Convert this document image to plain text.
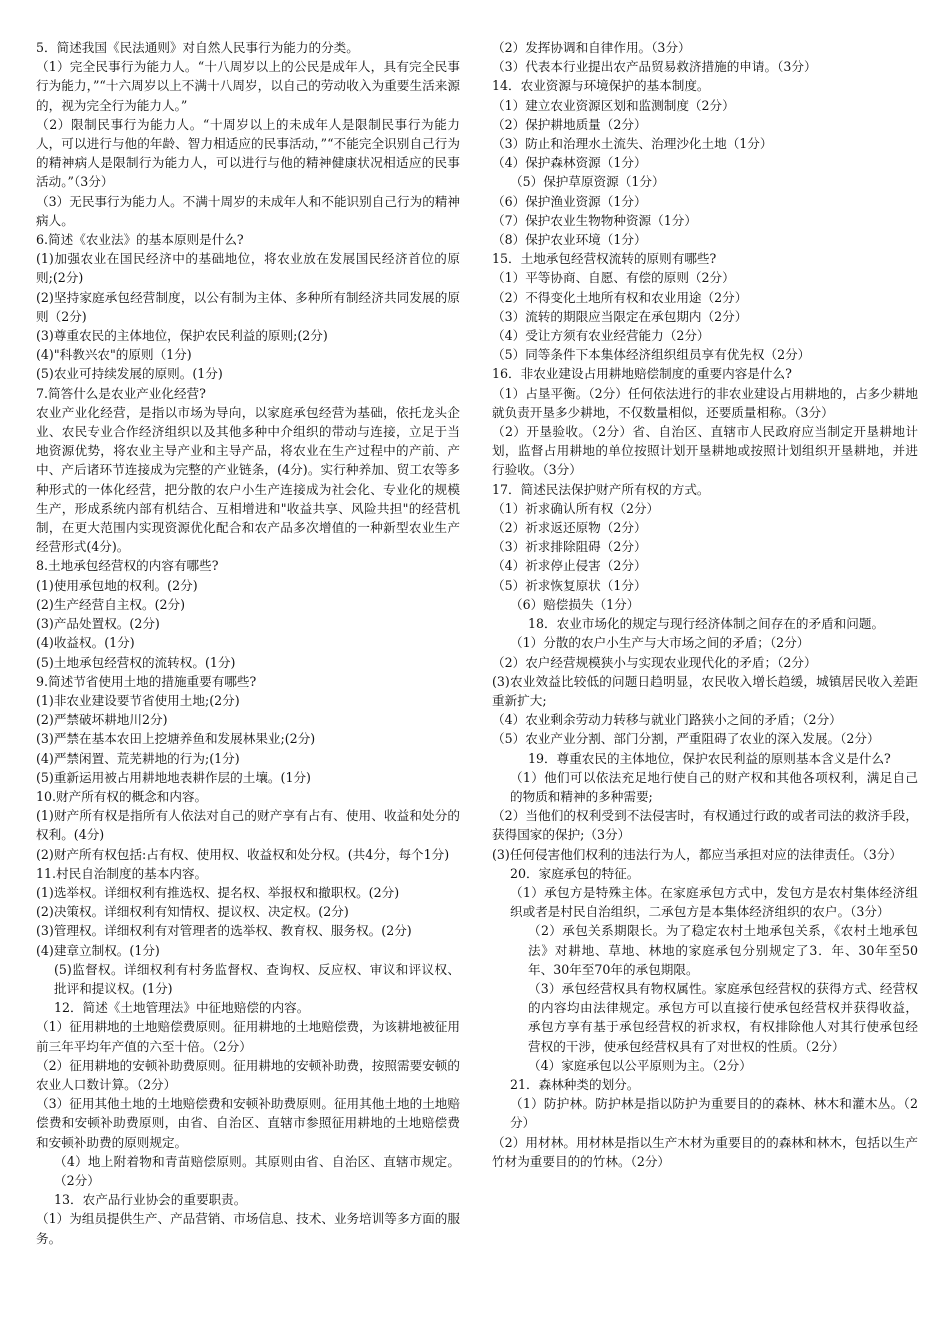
5．简述我国《民法通则》对自然人民事行为能力的分类。

（1）完全民事行为能力人。“十八周岁以上的公民是成年人，具有完全民事行为能力，”“十六周岁以上不满十八周岁，以自己的劳动收入为重要生活来源的，视为完全行为能力人。”

（2）限制民事行为能力人。“十周岁以上的未成年人是限制民事行为能力人，可以进行与他的年龄、智力相适应的民事活动，”“不能完全识别自己行为的精神病人是限制行为能力人，可以进行与他的精神健康状况相适应的民事活动。”（3分）

（3）无民事行为能力人。不满十周岁的未成年人和不能识别自己行为的精神病人。

6.简述《农业法》的基本原则是什么?

(1)加强农业在国民经济中的基础地位，将农业放在发展国民经济首位的原则;(2分)

(2)坚持家庭承包经营制度，以公有制为主体、多种所有制经济共同发展的原则（2分)

(3)尊重农民的主体地位，保护农民利益的原则;(2分)

(4)"科教兴农"的原则（1分)

(5)农业可持续发展的原则。(1分)

7.简答什么是农业产业化经营?

农业产业化经营，是指以市场为导向，以家庭承包经营为基础，依托龙头企业、农民专业合作经济组织以及其他多种中介组织的带动与连接，立足于当地资源优势，将农业主导产业和主导产品，将农业在生产过程中的产前、产中、产后诸环节连接成为完整的产业链条，(4分)。实行种养加、贸工农等多种形式的一体化经营，把分散的农户小生产连接成为社会化、专业化的规模生产，形成系统内部有机结合、互相增进和"收益共享、风险共担"的经营机制，在更大范围内实现资源优化配合和农产品多次增值的一种新型农业生产经营形式(4分)。

8.土地承包经营权的内容有哪些?

(1)使用承包地的权利。(2分)

(2)生产经营自主权。(2分)

(3)产品处置权。(2分)

(4)收益权。(1分)

(5)土地承包经营权的流转权。(1分)

9.简述节省使用土地的措施重要有哪些?

(1)非农业建设要节省使用土地;(2分)

(2)严禁破坏耕地川2分)

(3)严禁在基本农田上挖塘养鱼和发展林果业;(2分)

(4)严禁闲置、荒芜耕地的行为;(1分)

(5)重新运用被占用耕地地表耕作层的土壤。(1分)

10.财产所有权的概念和内容。

(1)财产所有权是指所有人依法对自己的财产享有占有、使用、收益和处分的权利。(4分)

(2)财产所有权包括:占有权、使用权、收益权和处分权。(共4分，每个1分)

11.村民自治制度的基本内容。

(1)选举权。详细权利有推选权、提名权、举报权和撤职权。(2分)

(2)决策权。详细权利有知情权、提议权、决定权。(2分)

(3)管理权。详细权利有对管理者的选举权、教育权、服务权。(2分)

(4)建章立制权。(1分)

(5)监督权。详细权利有村务监督权、查询权、反应权、审议和评议权、批评和提议权。(1分)

12．简述《土地管理法》中征地赔偿的内容。

（1）征用耕地的土地赔偿费原则。征用耕地的土地赔偿费，为该耕地被征用前三年平均年产值的六至十倍。（2分）

（2）征用耕地的安顿补助费原则。征用耕地的安顿补助费，按照需要安顿的农业人口数计算。（2分）

（3）征用其他土地的土地赔偿费和安顿补助费原则。征用其他土地的土地赔偿费和安顿补助费原则，由省、自治区、直辖市参照征用耕地的土地赔偿费和安顿补助费的原则规定。

（4）地上附着物和青苗赔偿原则。其原则由省、自治区、直辖市规定。（2分）

13．农产品行业协会的重要职责。

（1）为组员提供生产、产品营销、市场信息、技术、业务培训等多方面的服务。

（2）发挥协调和自律作用。（3分）

（3）代表本行业提出农产品贸易救济措施的申请。（3分）

14．农业资源与环境保护的基本制度。

（1）建立农业资源区划和监测制度（2分）

（2）保护耕地质量（2分）

（3）防止和治理水土流失、治理沙化土地（1分）

（4）保护森林资源（1分）

（5）保护草原资源（1分）

（6）保护渔业资源（1分）

（7）保护农业生物物种资源（1分）

（8）保护农业环境（1分）

15．土地承包经营权流转的原则有哪些?

（1）平等协商、自愿、有偿的原则（2分）

（2）不得变化土地所有权和农业用途（2分）

（3）流转的期限应当限定在承包期内（2分）

（4）受让方须有农业经营能力（2分）

（5）同等条件下本集体经济组织组员享有优先权（2分）

16．非农业建设占用耕地赔偿制度的重要内容是什么?

（1）占垦平衡。（2分）任何依法进行的非农业建设占用耕地的，占多少耕地就负责开垦多少耕地，不仅数量相似，还要质量相称。（3分）

（2）开垦验收。（2分）省、自治区、直辖市人民政府应当制定开垦耕地计划，监督占用耕地的单位按照计划开垦耕地或按照计划组织开垦耕地，并进行验收。（3分）

17．简述民法保护财产所有权的方式。

（1）祈求确认所有权（2分）

（2）祈求返还原物（2分）

（3）祈求排除阻碍（2分）

（4）祈求停止侵害（2分）

（5）祈求恢复原状（1分）

（6）赔偿损失（1分）

18．农业市场化的规定与现行经济体制之间存在的矛盾和问题。

（1）分散的农户小生产与大市场之间的矛盾；（2分）

（2）农户经营规模狭小与实现农业现代化的矛盾；（2分）

(3)农业效益比较低的问题日趋明显，农民收入增长趋缓，城镇居民收入差距重新扩大;

（4）农业剩余劳动力转移与就业门路狭小之间的矛盾；（2分）

（5）农业产业分割、部门分割，严重阻碍了农业的深入发展。（2分）

19．尊重农民的主体地位，保护农民利益的原则基本含义是什么?

（1）他们可以依法充足地行使自己的财产权和其他各项权利，满足自己的物质和精神的多种需要;

（2）当他们的权利受到不法侵害时，有权通过行政的或者司法的救济手段，获得国家的保护;（3分）

(3)任何侵害他们权利的违法行为人，都应当承担对应的法律责任。（3分）

20．家庭承包的特征。

（1）承包方是特殊主体。在家庭承包方式中，发包方是农村集体经济组织或者是村民自治组织，二承包方是本集体经济组织的农户。（3分）

（2）承包关系期限长。为了稳定农村土地承包关系，《农村土地承包法》对耕地、草地、林地的家庭承包分别规定了3．年、30年至50年、30年至70年的承包期限。

（3）承包经营权具有物权属性。家庭承包经营权的获得方式、经营权的内容均由法律规定。承包方可以直接行使承包经营权并获得收益，承包方享有基于承包经营权的祈求权，有权排除他人对其行使承包经营权的干涉，使承包经营权具有了对世权的性质。（2分）

（4）家庭承包以公平原则为主。（2分）

21．森林种类的划分。

（1）防护林。防护林是指以防护为重要目的的森林、林木和灌木丛。（2分）

（2）用材林。用材林是指以生产木材为重要目的的森林和林木，包括以生产竹材为重要目的的竹林。（2分）
